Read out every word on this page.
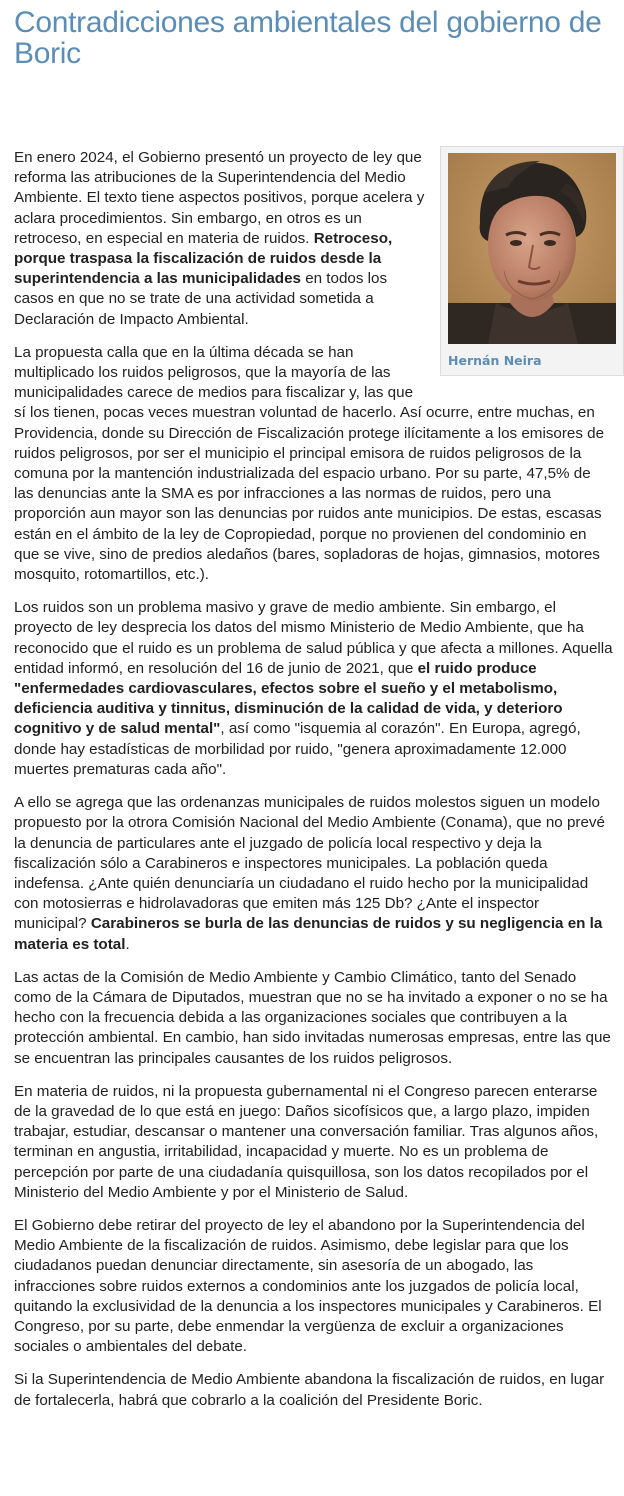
Contradicciones ambientales del gobierno de Boric
Hernán Neira

En enero 2024, el Gobierno presentó un proyecto de ley que reforma las atribuciones de la Superintendencia del Medio Ambiente. El texto tiene aspectos positivos, porque acelera y aclara procedimientos. Sin embargo, en otros es un retroceso, en especial en materia de ruidos. Retroceso, porque traspasa la fiscalización de ruidos desde la superintendencia a las municipalidades en todos los casos en que no se trate de una actividad sometida a Declaración de Impacto Ambiental.

La propuesta calla que en la última década se han multiplicado los ruidos peligrosos, que la mayoría de las municipalidades carece de medios para fiscalizar y, las que sí los tienen, pocas veces muestran voluntad de hacerlo. Así ocurre, entre muchas, en Providencia, donde su Dirección de Fiscalización protege ilícitamente a los emisores de ruidos peligrosos, por ser el municipio el principal emisora de ruidos peligrosos de la comuna por la mantención industrializada del espacio urbano. Por su parte, 47,5% de las denuncias ante la SMA es por infracciones a las normas de ruidos, pero una proporción aun mayor son las denuncias por ruidos ante municipios. De estas, escasas están en el ámbito de la ley de Copropiedad, porque no provienen del condominio en que se vive, sino de predios aledaños (bares, sopladoras de hojas, gimnasios, motores mosquito, rotomartillos, etc.).

Los ruidos son un problema masivo y grave de medio ambiente. Sin embargo, el proyecto de ley desprecia los datos del mismo Ministerio de Medio Ambiente, que ha reconocido que el ruido es un problema de salud pública y que afecta a millones. Aquella entidad informó, en resolución del 16 de junio de 2021, que el ruido produce "enfermedades cardiovasculares, efectos sobre el sueño y el metabolismo, deficiencia auditiva y tinnitus, disminución de la calidad de vida, y deterioro cognitivo y de salud mental", así como "isquemia al corazón". En Europa, agregó, donde hay estadísticas de morbilidad por ruido, "genera aproximadamente 12.000 muertes prematuras cada año".

A ello se agrega que las ordenanzas municipales de ruidos molestos siguen un modelo propuesto por la otrora Comisión Nacional del Medio Ambiente (Conama), que no prevé la denuncia de particulares ante el juzgado de policía local respectivo y deja la fiscalización sólo a Carabineros e inspectores municipales. La población queda indefensa. ¿Ante quién denunciaría un ciudadano el ruido hecho por la municipalidad con motosierras e hidrolavadoras que emiten más 125 Db? ¿Ante el inspector municipal? Carabineros se burla de las denuncias de ruidos y su negligencia en la materia es total.

Las actas de la Comisión de Medio Ambiente y Cambio Climático, tanto del Senado como de la Cámara de Diputados, muestran que no se ha invitado a exponer o no se ha hecho con la frecuencia debida a las organizaciones sociales que contribuyen a la protección ambiental. En cambio, han sido invitadas numerosas empresas, entre las que se encuentran las principales causantes de los ruidos peligrosos.

En materia de ruidos, ni la propuesta gubernamental ni el Congreso parecen enterarse de la gravedad de lo que está en juego: Daños sicofísicos que, a largo plazo, impiden trabajar, estudiar, descansar o mantener una conversación familiar. Tras algunos años, terminan en angustia, irritabilidad, incapacidad y muerte. No es un problema de percepción por parte de una ciudadanía quisquillosa, son los datos recopilados por el Ministerio del Medio Ambiente y por el Ministerio de Salud.

El Gobierno debe retirar del proyecto de ley el abandono por la Superintendencia del Medio Ambiente de la fiscalización de ruidos. Asimismo, debe legislar para que los ciudadanos puedan denunciar directamente, sin asesoría de un abogado, las infracciones sobre ruidos externos a condominios ante los juzgados de policía local, quitando la exclusividad de la denuncia a los inspectores municipales y Carabineros. El Congreso, por su parte, debe enmendar la vergüenza de excluir a organizaciones sociales o ambientales del debate.

Si la Superintendencia de Medio Ambiente abandona la fiscalización de ruidos, en lugar de fortalecerla, habrá que cobrarlo a la coalición del Presidente Boric.
